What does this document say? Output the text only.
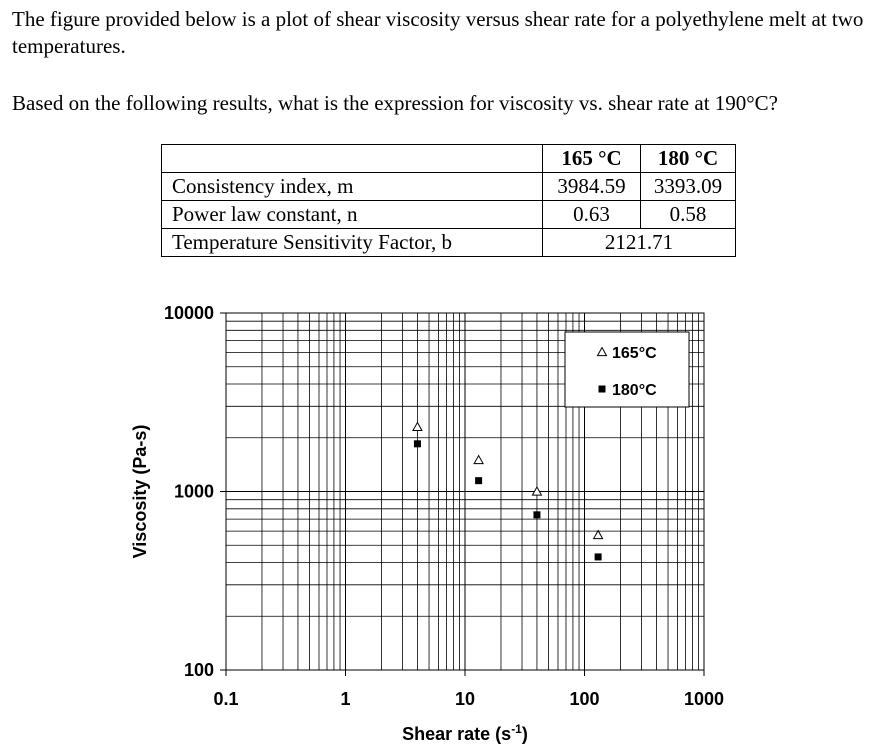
The figure provided below is a plot of shear viscosity versus shear rate for a polyethylene melt at two temperatures.
Based on the following results, what is the expression for viscosity vs. shear rate at 190°C?
	165 °C	180 °C
Consistency index, m	3984.59	3393.09
Power law constant, n	0.63	0.58
Temperature Sensitivity Factor, b	2121.71	
100
1000
10000
0.1	1	10	100	1000
165°C
180°C
Viscosity (Pa-s)
Shear rate $(s^{-1})$
